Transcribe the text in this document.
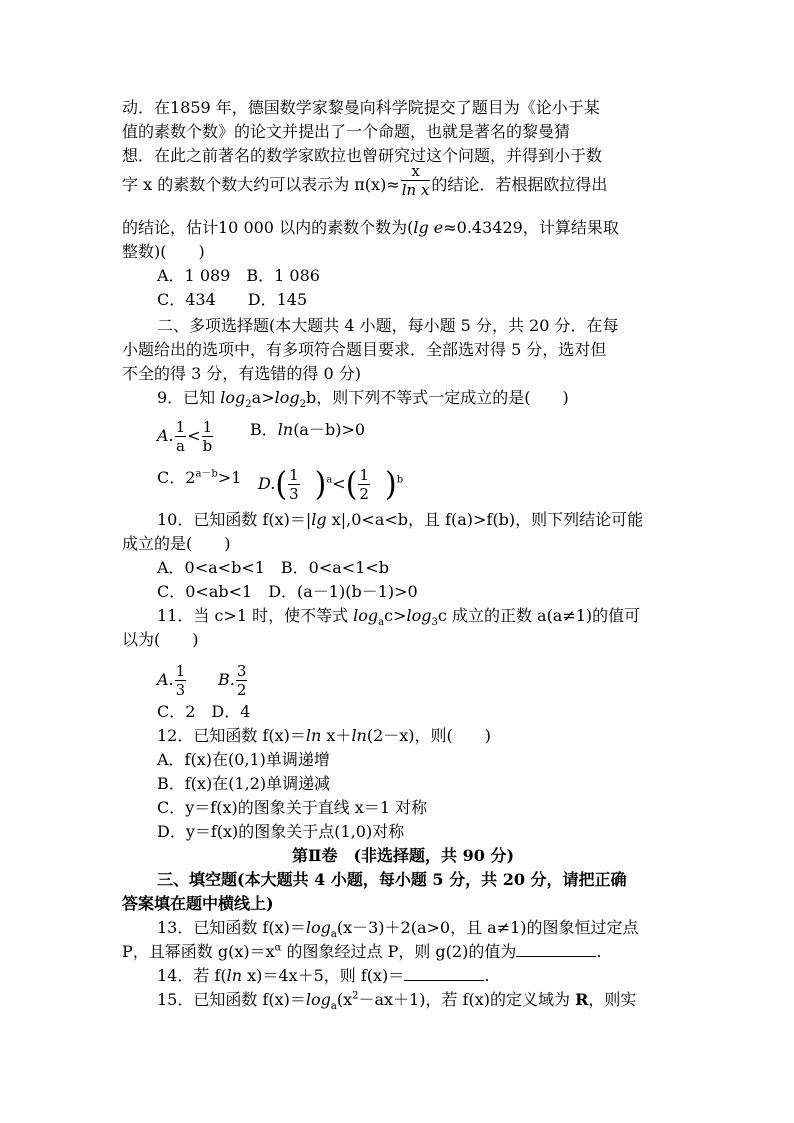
动．在1859 年，德国数学家黎曼向科学院提交了题目为《论小于某
值的素数个数》的论文并提出了一个命题，也就是著名的黎曼猜
想．在此之前著名的数学家欧拉也曾研究过这个问题，并得到小于数
字 x 的素数个数大约可以表示为 $\pi(x)\approx \frac{x}{\text{ln x}}$ 的结论．若根据欧拉得出
的结论，估计10 000 以内的素数个数为(lg e≈0.43429，计算结果取
整数)(　　)
A．1 089　B．1 086
C．434　　D．145
二、多项选择题(本大题共 4 小题，每小题 5 分，共 20 分．在每
小题给出的选项中，有多项符合题目要求．全部选对得 5 分，选对但
不全的得 3 分，有选错的得 0 分)
9．已知 $\log_2a>\log_2b$，则下列不等式一定成立的是(　　)
A. $\frac{1}{a} < \frac{1}{b}$ B．ln(a－b)>0
C．$2^{a-b}>1$ $D.( \frac{1}{3} )^a<( \frac{1}{2} )^b$
10．已知函数 f(x)＝|lg x|,0<a<b，且 f(a)>f(b)，则下列结论可能
成立的是(　　)
A．0<a<b<1　B．0<a<1<b
C．0<ab<1　D．(a－1)(b－1)>0
11．当 c>1 时，使不等式 $\log_ac>\log_3c$ 成立的正数 a(a≠1)的值可
以为(　　)
A. $\frac{1}{3} B$. $\frac{3}{2}$
C．2　D．4
12．已知函数 f(x)＝ln x＋ln(2－x)，则(　　)
A．f(x)在(0,1)单调递增
B．f(x)在(1,2)单调递减
C．y＝f(x)的图象关于直线 x＝1 对称
D．y＝f(x)的图象关于点(1,0)对称
第Ⅱ卷　(非选择题，共 90 分)
三、填空题(本大题共 4 小题，每小题 5 分，共 20 分，请把正确
答案填在题中横线上)
13．已知函数 $f(x)=\log_a(x-3)+2(a>0$，且 a≠1)的图象恒过定点
P，且幂函数 $g(x)=x^\alpha$ 的图象经过点 P，则 g(2)的值为	.
14．若 f(ln x)＝4x＋5，则 f(x)＝	.
15．已知函数 $f(x)=\log_a(x^2-ax+1)$，若 f(x)的定义域为 R，则实
